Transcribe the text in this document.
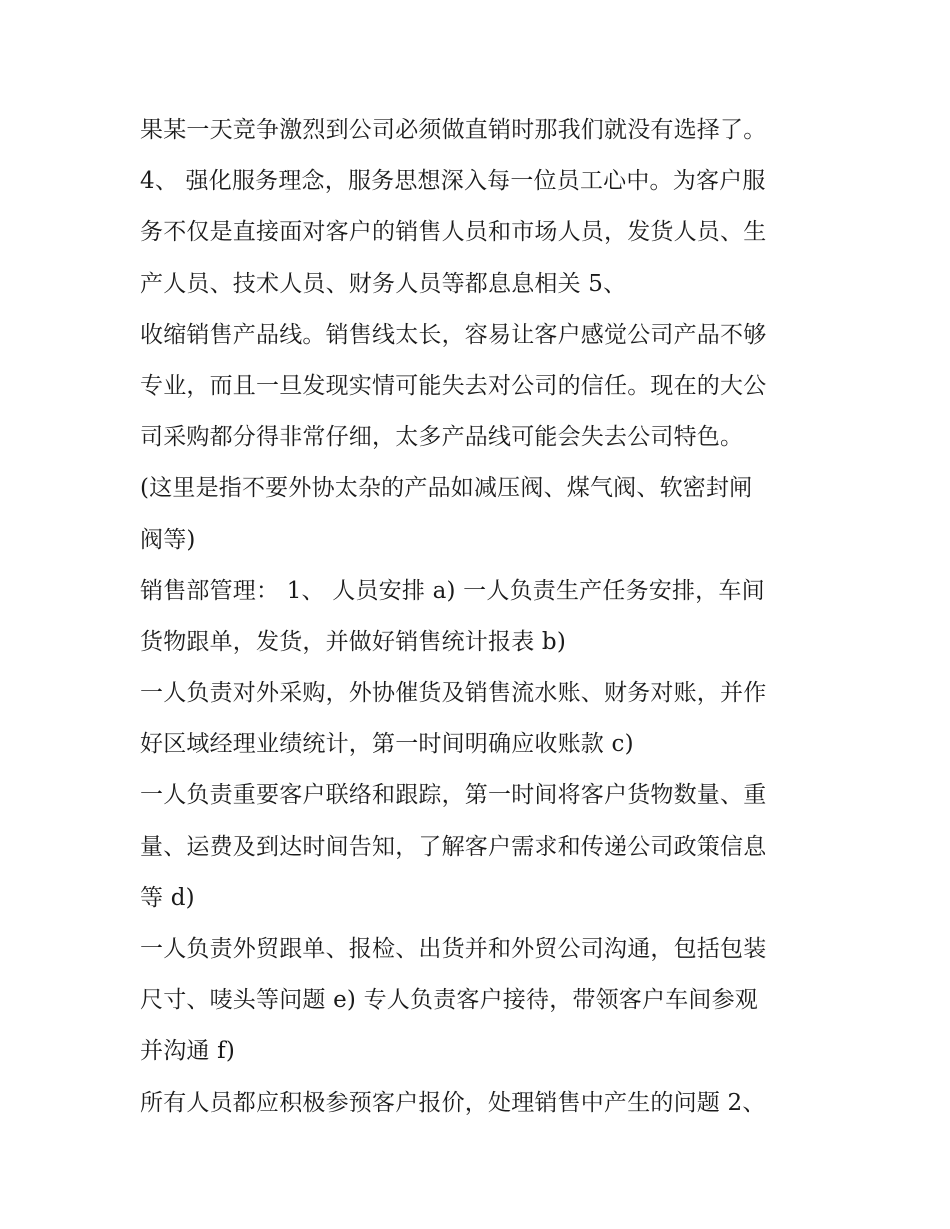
果某一天竞争激烈到公司必须做直销时那我们就没有选择了。
4、 强化服务理念，服务思想深入每一位员工心中。为客户服
务不仅是直接面对客户的销售人员和市场人员，发货人员、生
产人员、技术人员、财务人员等都息息相关 5、
收缩销售产品线。销售线太长，容易让客户感觉公司产品不够
专业，而且一旦发现实情可能失去对公司的信任。现在的大公
司采购都分得非常仔细，太多产品线可能会失去公司特色。
(这里是指不要外协太杂的产品如减压阀、煤气阀、软密封闸
阀等)
销售部管理： 1、 人员安排 a) 一人负责生产任务安排，车间
货物跟单，发货，并做好销售统计报表 b)
一人负责对外采购，外协催货及销售流水账、财务对账，并作
好区域经理业绩统计，第一时间明确应收账款 c)
一人负责重要客户联络和跟踪，第一时间将客户货物数量、重
量、运费及到达时间告知，了解客户需求和传递公司政策信息
等 d)
一人负责外贸跟单、报检、出货并和外贸公司沟通，包括包装
尺寸、唛头等问题 e) 专人负责客户接待，带领客户车间参观
并沟通 f)
所有人员都应积极参预客户报价，处理销售中产生的问题 2、
